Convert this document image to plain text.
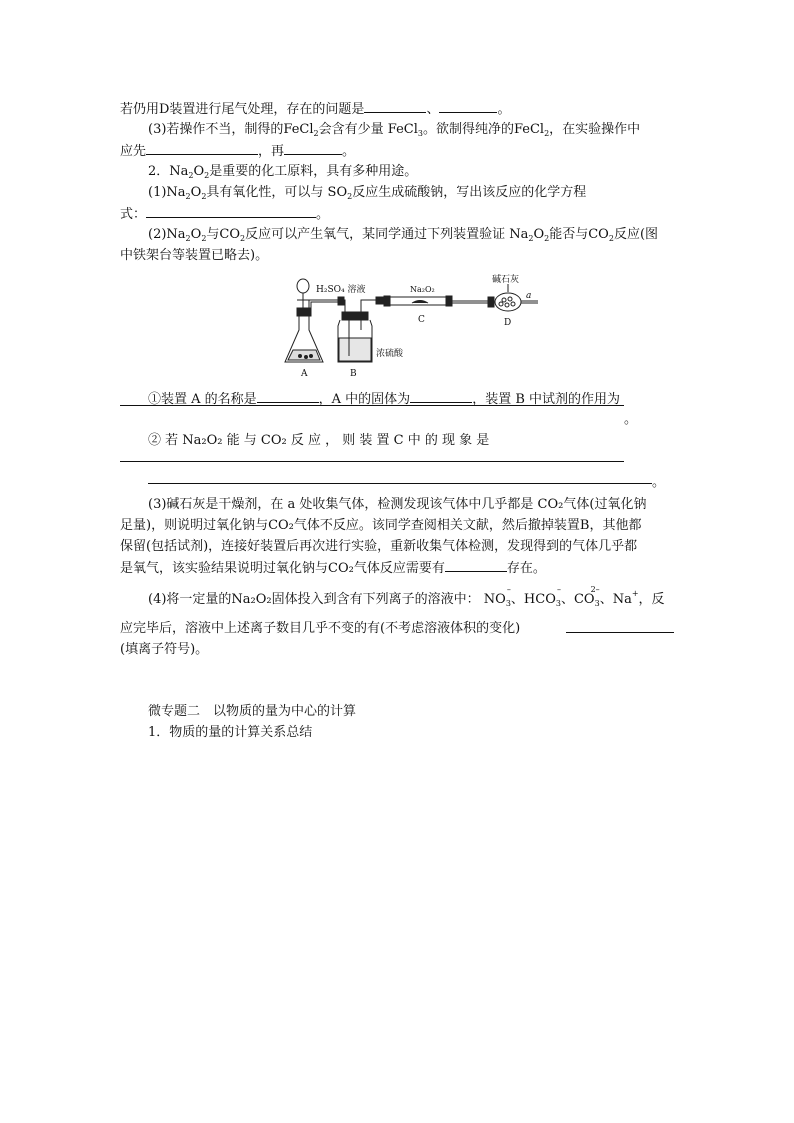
若仍用D装置进行尾气处理，存在的问题是	、	。
(3)若操作不当，制得的FeCl$_2$会含有少量 FeCl$_3$。欲制得纯净的FeCl$_2$，在实验操作中
应先	，再	。
2．$Na_2O_2$是重要的化工原料，具有多种用途。
$(1)Na_2O_2$具有氧化性，可以与 $SO_2$反应生成硫酸钠，写出该反应的化学方程
式：	。
$(2)Na_2O_2$与$CO_2$反应可以产生氧气，某同学通过下列装置验证 $Na_2O_2$能否与$CO_2$反应(图
中铁架台等装置已略去)。
H₂SO₄ 溶液	Na₂O₂
碱石灰
浓硫酸
A	B
C	D
a
①装置 A 的名称是	，A 中的固体为	，装置 B 中试剂的作用为
。
② 若 Na₂O₂ 能 与 CO₂ 反 应 ， 则 装 置 C 中 的 现 象 是
。
(3)碱石灰是干燥剂，在 a 处收集气体，检测发现该气体中几乎都是 CO₂气体(过氧化钠
足量)，则说明过氧化钠与CO₂气体不反应。该同学查阅相关文献，然后撤掉装置B，其他都
保留(包括试剂)，连接好装置后再次进行实验，重新收集气体检测，发现得到的气体几乎都
是氧气，该实验结果说明过氧化钠与CO₂气体反应需要有	存在。
(4)将一定量的Na₂O₂固体投入到含有下列离子的溶液中： $NO_3$
–
、$HCO_3$
–
、$CO_3$
2–
、Na+，反
应完毕后，溶液中上述离子数目几乎不变的有(不考虑溶液体积的变化)
(填离子符号)。
微专题二　以物质的量为中心的计算
1．物质的量的计算关系总结
